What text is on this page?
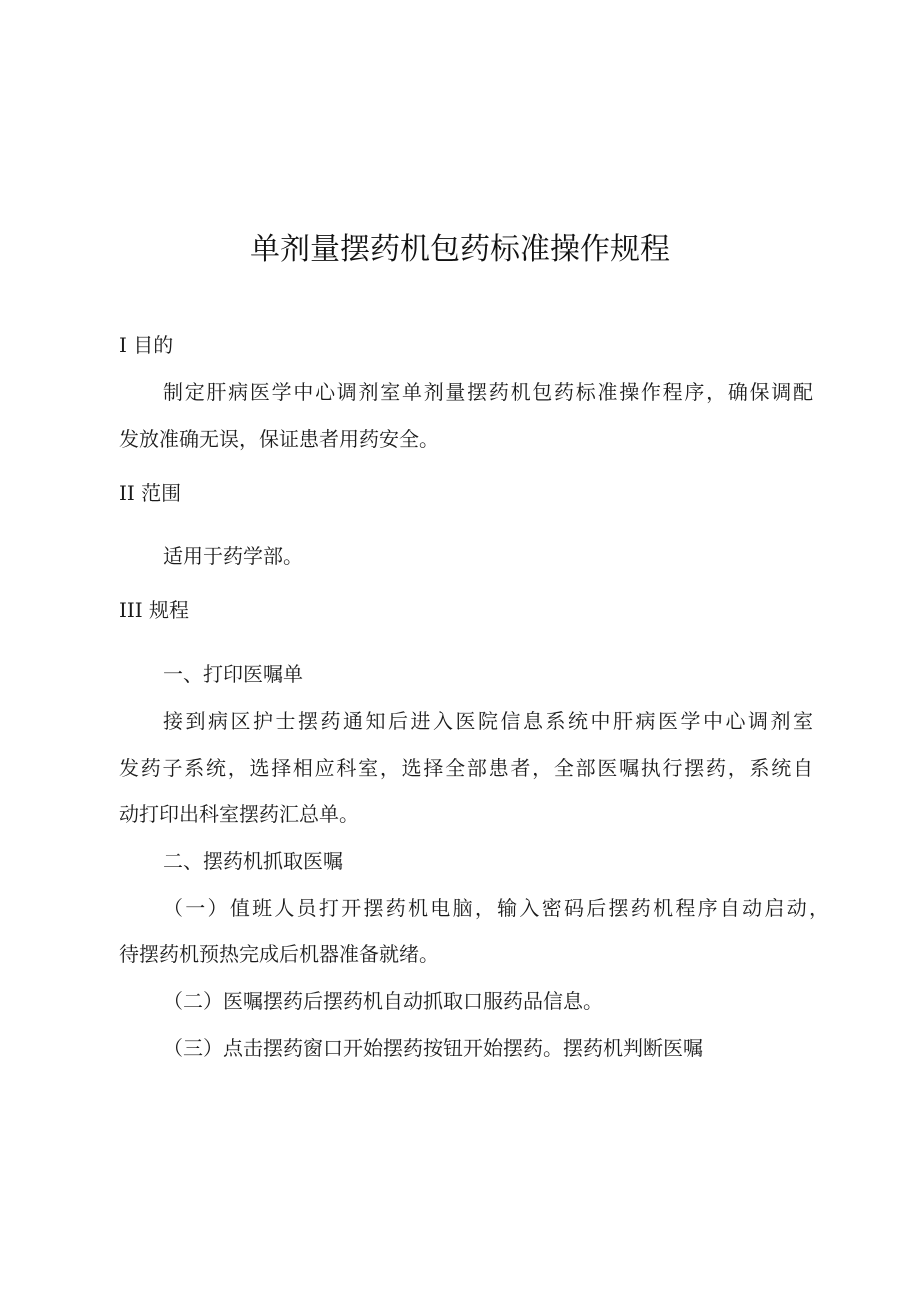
单剂量摆药机包药标准操作规程

I 目的

制定肝病医学中心调剂室单剂量摆药机包药标准操作程序，确保调配

发放准确无误，保证患者用药安全。

II 范围

适用于药学部。

III 规程

一、打印医嘱单

接到病区护士摆药通知后进入医院信息系统中肝病医学中心调剂室

发药子系统，选择相应科室，选择全部患者，全部医嘱执行摆药，系统自

动打印出科室摆药汇总单。

二、摆药机抓取医嘱

（一）值班人员打开摆药机电脑，输入密码后摆药机程序自动启动，

待摆药机预热完成后机器准备就绪。

（二）医嘱摆药后摆药机自动抓取口服药品信息。

（三）点击摆药窗口开始摆药按钮开始摆药。摆药机判断医嘱
